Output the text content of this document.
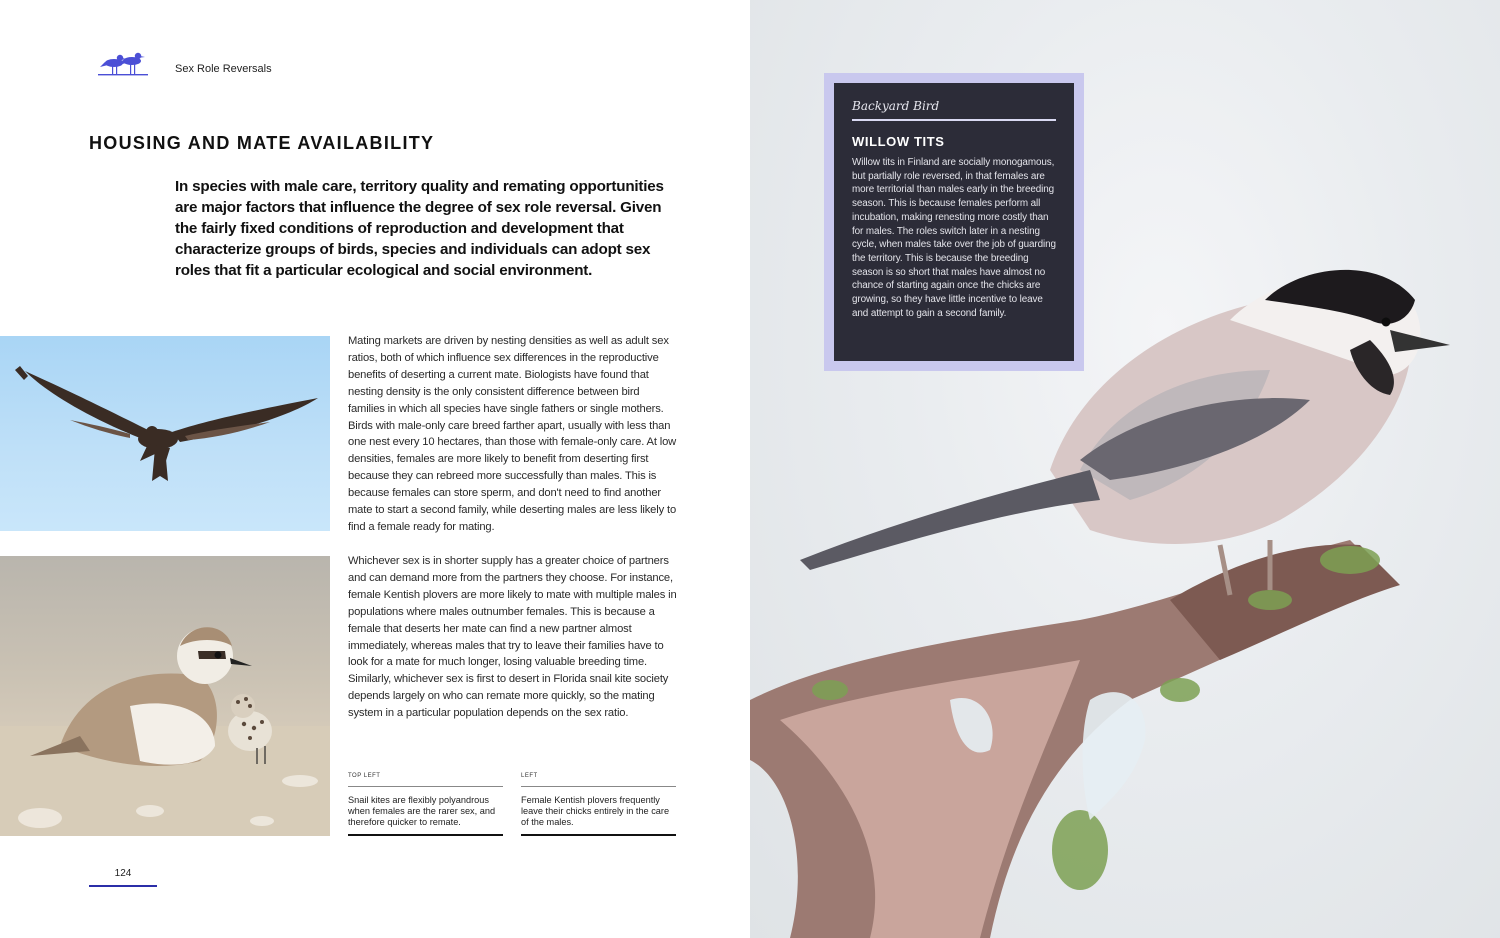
Sex Role Reversals
HOUSING AND MATE AVAILABILITY

In species with male care, territory quality and remating opportunities are major factors that influence the degree of sex role reversal. Given the fairly fixed conditions of reproduction and development that characterize groups of birds, species and individuals can adopt sex roles that fit a particular ecological and social environment.

Mating markets are driven by nesting densities as well as adult sex ratios, both of which influence sex differences in the reproductive benefits of deserting a current mate. Biologists have found that nesting density is the only consistent difference between bird families in which all species have single fathers or single mothers. Birds with male-only care breed farther apart, usually with less than one nest every 10 hectares, than those with female-only care. At low densities, females are more likely to benefit from deserting first because they can rebreed more successfully than males. This is because females can store sperm, and don't need to find another mate to start a second family, while deserting males are less likely to find a female ready for mating.

Whichever sex is in shorter supply has a greater choice of partners and can demand more from the partners they choose. For instance, female Kentish plovers are more likely to mate with multiple males in populations where males outnumber females. This is because a female that deserts her mate can find a new partner almost immediately, whereas males that try to leave their families have to look for a mate for much longer, losing valuable breeding time. Similarly, whichever sex is first to desert in Florida snail kite society depends largely on who can remate more quickly, so the mating system in a particular population depends on the sex ratio.

TOP LEFT
Snail kites are flexibly polyandrous when females are the rarer sex, and therefore quicker to remate.
LEFT
Female Kentish plovers frequently leave their chicks entirely in the care of the males.
124
Backyard Bird
WILLOW TITS

Willow tits in Finland are socially monogamous, but partially role reversed, in that females are more territorial than males early in the breeding season. This is because females perform all incubation, making renesting more costly than for males. The roles switch later in a nesting cycle, when males take over the job of guarding the territory. This is because the breeding season is so short that males have almost no chance of starting again once the chicks are growing, so they have little incentive to leave and attempt to gain a second family.
